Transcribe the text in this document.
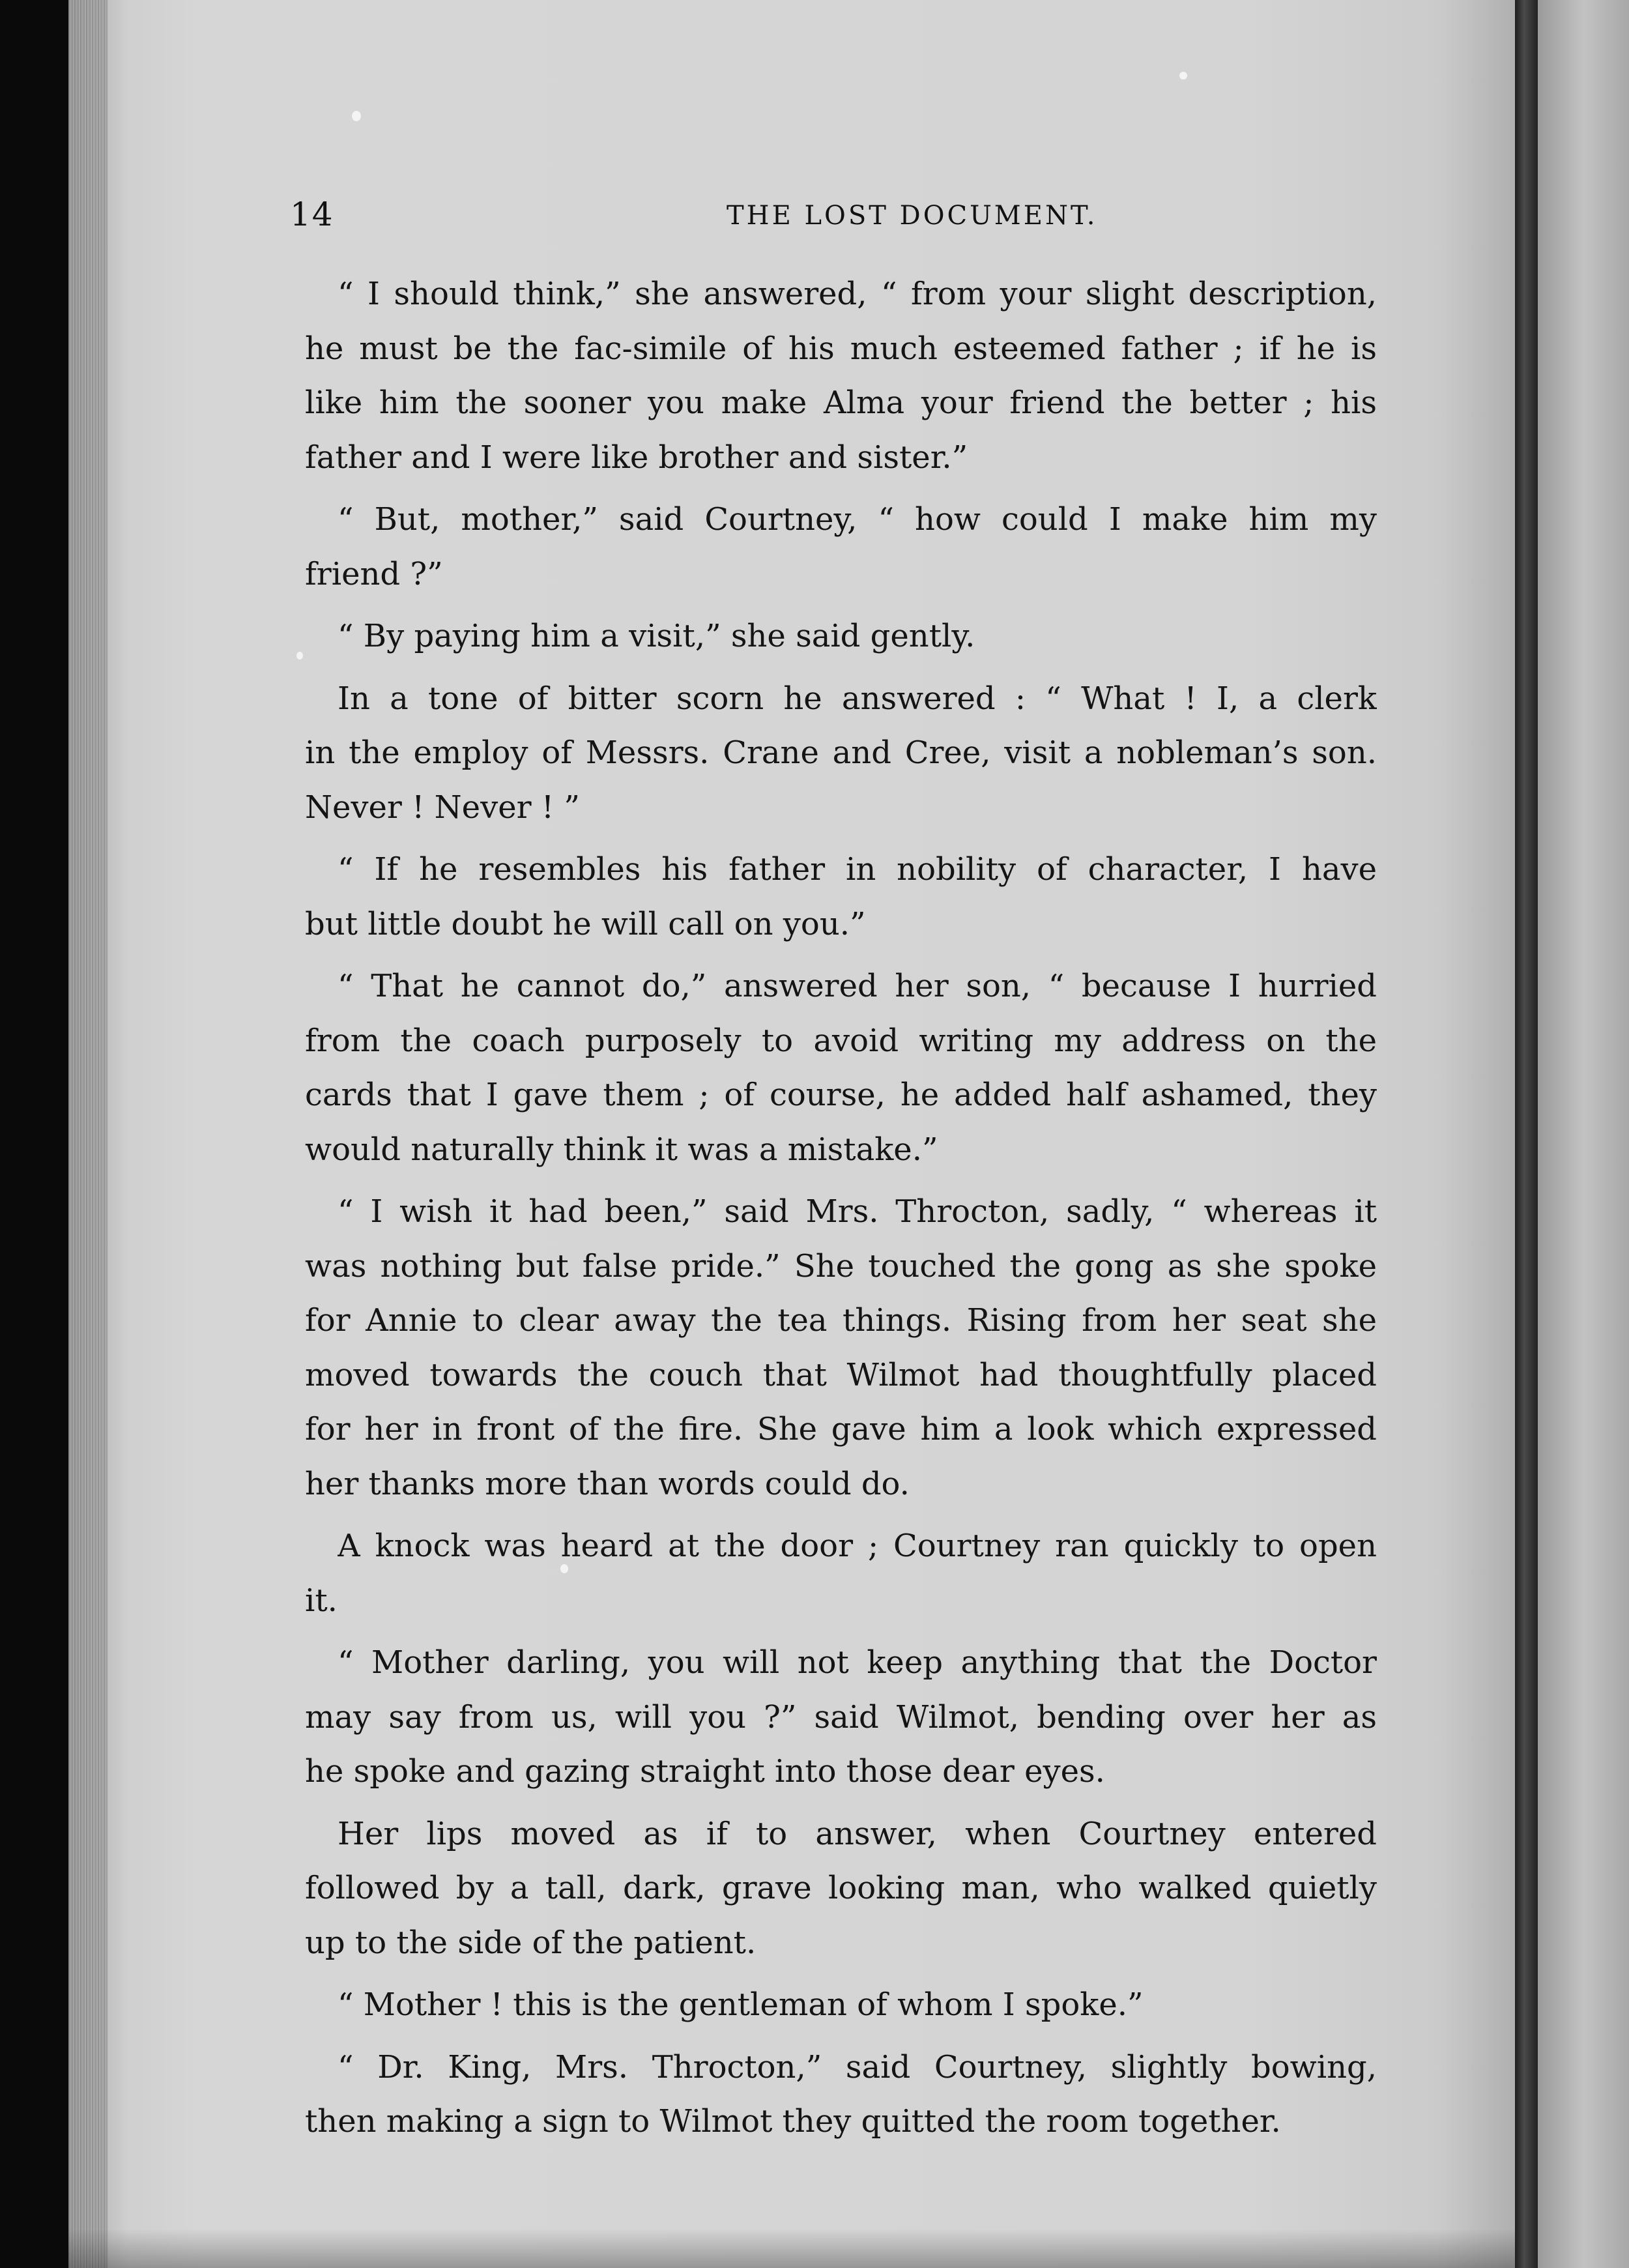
14	THE LOST DOCUMENT.
“ I should think,” she answered, “ from your slight description,
he must be the fac-simile of his much esteemed father ; if he is
like him the sooner you make Alma your friend the better ; his
father and I were like brother and sister.”
“ But, mother,” said Courtney, “ how could I make him my
friend ?”
“ By paying him a visit,” she said gently.
In a tone of bitter scorn he answered : “ What ! I, a clerk
in the employ of Messrs. Crane and Cree, visit a nobleman’s son.
Never ! Never ! ”
“ If he resembles his father in nobility of character, I have
but little doubt he will call on you.”
“ That he cannot do,” answered her son, “ because I hurried
from the coach purposely to avoid writing my address on the
cards that I gave them ; of course, he added half ashamed, they
would naturally think it was a mistake.”
“ I wish it had been,” said Mrs. Throcton, sadly, “ whereas it
was nothing but false pride.” She touched the gong as she spoke
for Annie to clear away the tea things. Rising from her seat she
moved towards the couch that Wilmot had thoughtfully placed
for her in front of the fire. She gave him a look which expressed
her thanks more than words could do.
A knock was heard at the door ; Courtney ran quickly to open
it.
“ Mother darling, you will not keep anything that the Doctor
may say from us, will you ?” said Wilmot, bending over her as
he spoke and gazing straight into those dear eyes.
Her lips moved as if to answer, when Courtney entered
followed by a tall, dark, grave looking man, who walked quietly
up to the side of the patient.
“ Mother ! this is the gentleman of whom I spoke.”
“ Dr. King, Mrs. Throcton,” said Courtney, slightly bowing,
then making a sign to Wilmot they quitted the room together.
